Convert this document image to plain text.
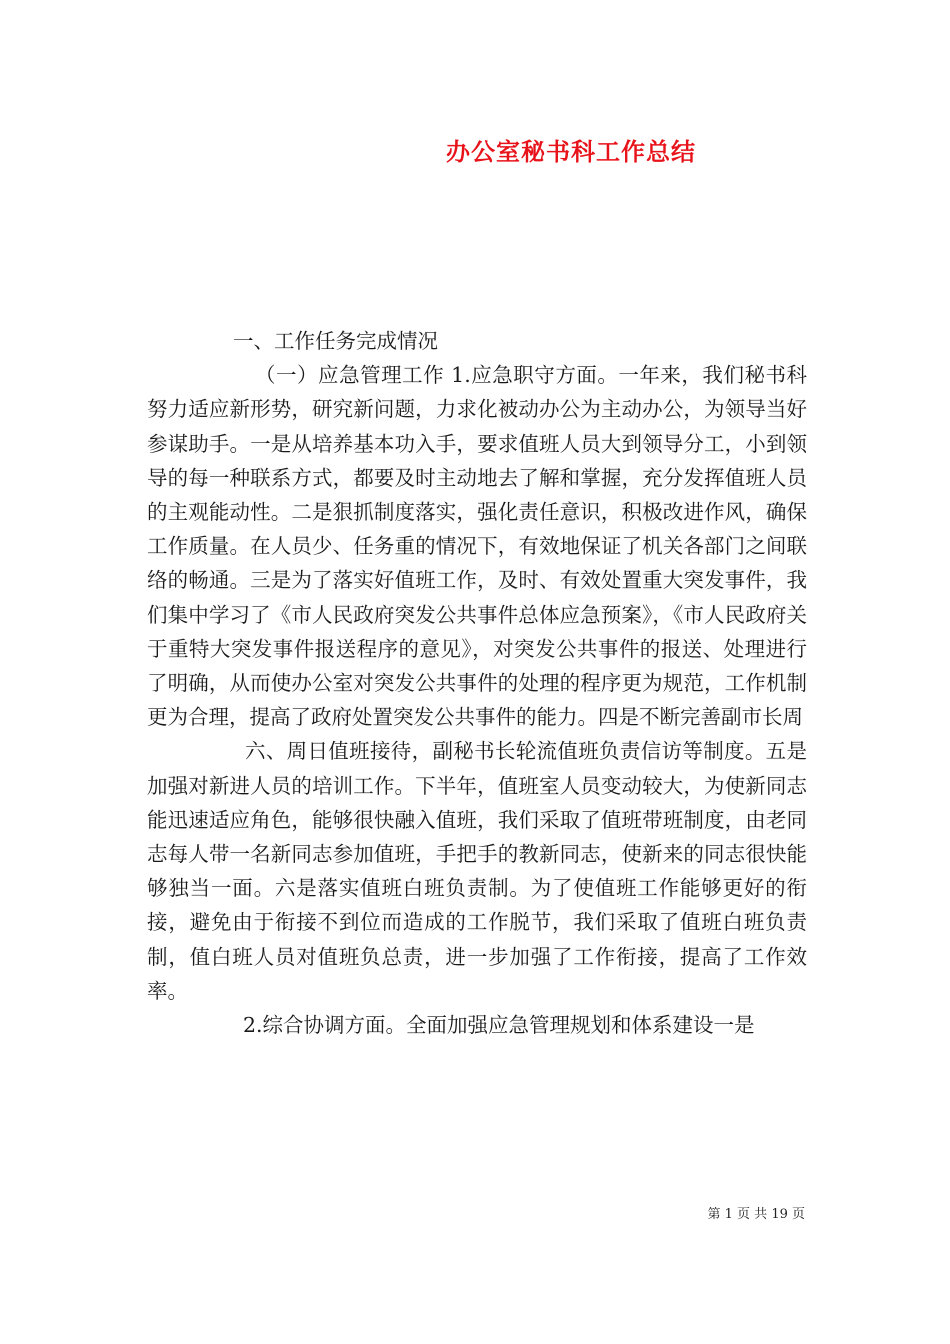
办公室秘书科工作总结

一、工作任务完成情况

（一）应急管理工作 1.应急职守方面。一年来，我们秘书科努力适应新形势，研究新问题，力求化被动办公为主动办公，为领导当好参谋助手。一是从培养基本功入手，要求值班人员大到领导分工，小到领导的每一种联系方式，都要及时主动地去了解和掌握，充分发挥值班人员的主观能动性。二是狠抓制度落实，强化责任意识，积极改进作风，确保工作质量。在人员少、任务重的情况下，有效地保证了机关各部门之间联络的畅通。三是为了落实好值班工作，及时、有效处置重大突发事件，我们集中学习了《市人民政府突发公共事件总体应急预案》，《市人民政府关于重特大突发事件报送程序的意见》，对突发公共事件的报送、处理进行了明确，从而使办公室对突发公共事件的处理的程序更为规范，工作机制更为合理，提高了政府处置突发公共事件的能力。四是不断完善副市长周

六、周日值班接待，副秘书长轮流值班负责信访等制度。五是加强对新进人员的培训工作。下半年，值班室人员变动较大，为使新同志能迅速适应角色，能够很快融入值班，我们采取了值班带班制度，由老同志每人带一名新同志参加值班，手把手的教新同志，使新来的同志很快能够独当一面。六是落实值班白班负责制。为了使值班工作能够更好的衔接，避免由于衔接不到位而造成的工作脱节，我们采取了值班白班负责制，值白班人员对值班负总责，进一步加强了工作衔接，提高了工作效率。

2.综合协调方面。全面加强应急管理规划和体系建设一是

第 1 页 共 19 页
